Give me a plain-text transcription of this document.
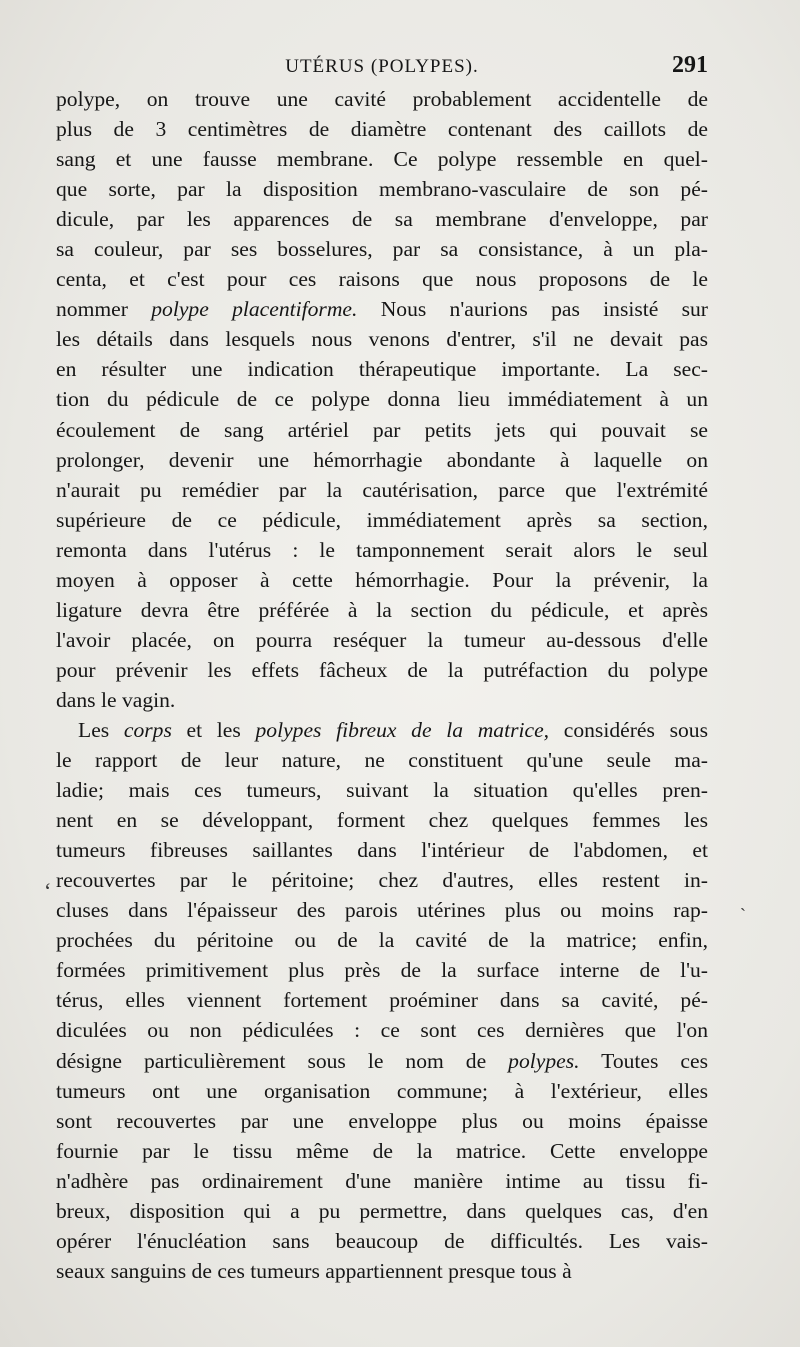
UTÉRUS (POLYPES).	291
polype, on trouve une cavité probablement accidentelle de
plus de 3 centimètres de diamètre contenant des caillots de
sang et une fausse membrane. Ce polype ressemble en quel-
que sorte, par la disposition membrano-vasculaire de son pé-
dicule, par les apparences de sa membrane d'enveloppe, par
sa couleur, par ses bosselures, par sa consistance, à un pla-
centa, et c'est pour ces raisons que nous proposons de le
nommer polype placentiforme. Nous n'aurions pas insisté sur
les détails dans lesquels nous venons d'entrer, s'il ne devait pas
en résulter une indication thérapeutique importante. La sec-
tion du pédicule de ce polype donna lieu immédiatement à un
écoulement de sang artériel par petits jets qui pouvait se
prolonger, devenir une hémorrhagie abondante à laquelle on
n'aurait pu remédier par la cautérisation, parce que l'extrémité
supérieure de ce pédicule, immédiatement après sa section,
remonta dans l'utérus : le tamponnement serait alors le seul
moyen à opposer à cette hémorrhagie. Pour la prévenir, la
ligature devra être préférée à la section du pédicule, et après
l'avoir placée, on pourra reséquer la tumeur au-dessous d'elle
pour prévenir les effets fâcheux de la putréfaction du polype
dans le vagin.
Les corps et les polypes fibreux de la matrice, considérés sous
le rapport de leur nature, ne constituent qu'une seule ma-
ladie; mais ces tumeurs, suivant la situation qu'elles pren-
nent en se développant, forment chez quelques femmes les
tumeurs fibreuses saillantes dans l'intérieur de l'abdomen, et
recouvertes par le péritoine; chez d'autres, elles restent in-
cluses dans l'épaisseur des parois utérines plus ou moins rap-
prochées du péritoine ou de la cavité de la matrice; enfin,
formées primitivement plus près de la surface interne de l'u-
térus, elles viennent fortement proéminer dans sa cavité, pé-
diculées ou non pédiculées : ce sont ces dernières que l'on
désigne particulièrement sous le nom de polypes. Toutes ces
tumeurs ont une organisation commune; à l'extérieur, elles
sont recouvertes par une enveloppe plus ou moins épaisse
fournie par le tissu même de la matrice. Cette enveloppe
n'adhère pas ordinairement d'une manière intime au tissu fi-
breux, disposition qui a pu permettre, dans quelques cas, d'en
opérer l'énucléation sans beaucoup de difficultés. Les vais-
seaux sanguins de ces tumeurs appartiennent presque tous à
‘
`
